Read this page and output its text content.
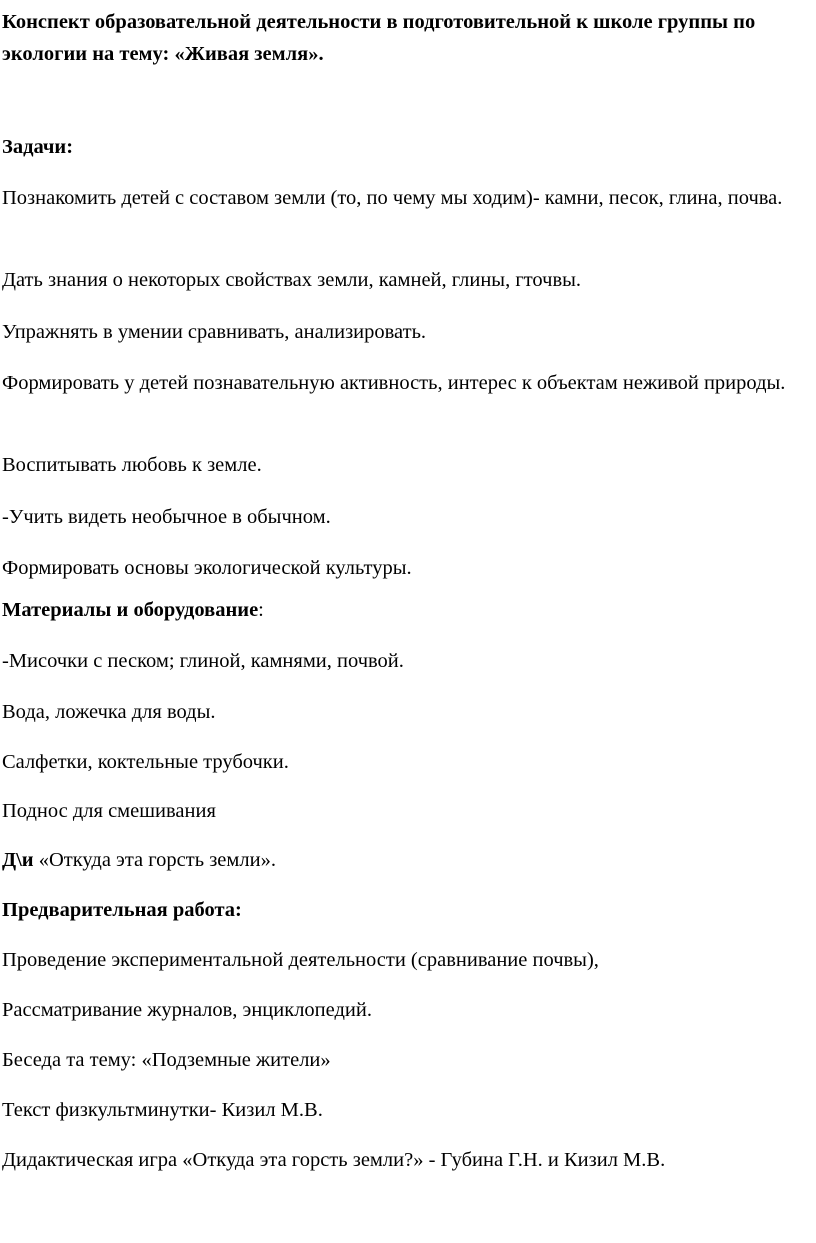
Конспект образовательной деятельности в подготовительной к школе группы по экологии на тему: «Живая земля».

Задачи:

Познакомить детей с составом земли (то, по чему мы ходим)- камни, песок, глина, почва.

Дать знания о некоторых свойствах земли, камней, глины, гточвы.

Упражнять в умении сравнивать, анализировать.

Формировать у детей познавательную активность, интерес к объектам неживой природы.

Воспитывать любовь к земле.

-Учить видеть необычное в обычном.

Формировать основы экологической культуры.

Материалы и оборудование:

-Мисочки с песком; глиной, камнями, почвой.

Вода, ложечка для воды.

Салфетки, коктельные трубочки.

Поднос для смешивания

Д\и «Откуда эта горсть земли».

Предварительная работа:

Проведение экспериментальной деятельности (сравнивание почвы),

Рассматривание журналов, энциклопедий.

Беседа та тему: «Подземные жители»

Текст физкультминутки- Кизил М.В.

Дидактическая игра «Откуда эта горсть земли?» - Губина Г.Н. и Кизил М.В.
